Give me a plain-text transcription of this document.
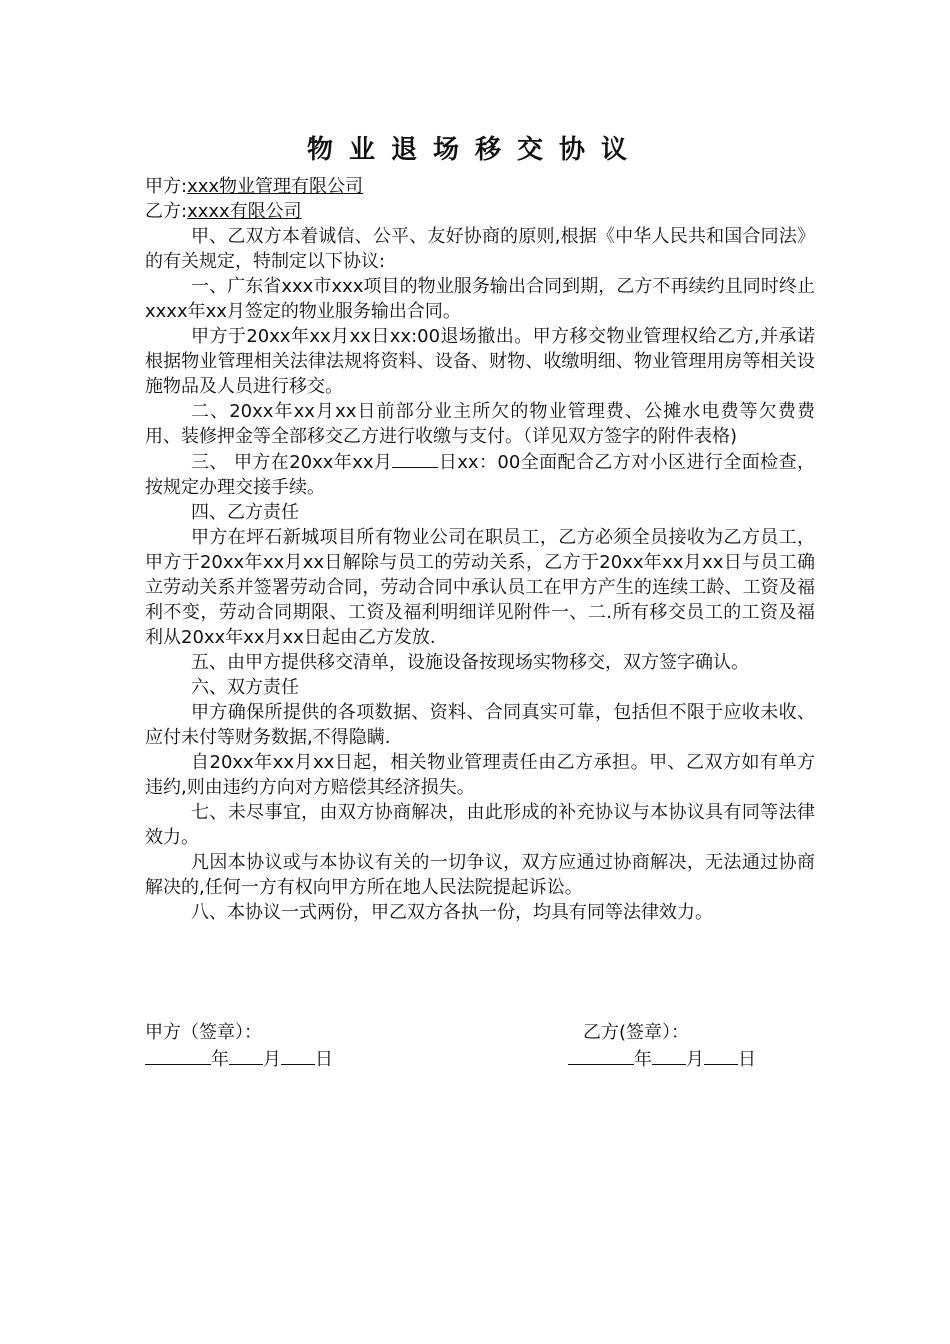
物业退场移交协议
甲方:xxx物业管理有限公司
乙方:xxxx有限公司
甲、乙双方本着诚信、公平、友好协商的原则,根据《中华人民共和国合同法》的有关规定，特制定以下协议:
一、广东省xxx市xxx项目的物业服务输出合同到期，乙方不再续约且同时终止xxxx年xx月签定的物业服务输出合同。
甲方于20xx年xx月xx日xx:00退场撤出。甲方移交物业管理权给乙方,并承诺根据物业管理相关法律法规将资料、设备、财物、收缴明细、物业管理用房等相关设施物品及人员进行移交。
二、20xx年xx月xx日前部分业主所欠的物业管理费、公摊水电费等欠费费用、装修押金等全部移交乙方进行收缴与支付。（详见双方签字的附件表格)
三、 甲方在20xx年xx月	日xx：00全面配合乙方对小区进行全面检查，按规定办理交接手续。
四、乙方责任
甲方在坪石新城项目所有物业公司在职员工，乙方必须全员接收为乙方员工，甲方于20xx年xx月xx日解除与员工的劳动关系，乙方于20xx年xx月xx日与员工确立劳动关系并签署劳动合同，劳动合同中承认员工在甲方产生的连续工龄、工资及福利不变，劳动合同期限、工资及福利明细详见附件一、二.所有移交员工的工资及福利从20xx年xx月xx日起由乙方发放.
五、由甲方提供移交清单，设施设备按现场实物移交，双方签字确认。
六、双方责任
甲方确保所提供的各项数据、资料、合同真实可靠，包括但不限于应收未收、应付未付等财务数据,不得隐瞒.
自20xx年xx月xx日起，相关物业管理责任由乙方承担。甲、乙双方如有单方违约,则由违约方向对方赔偿其经济损失。
七、未尽事宜，由双方协商解决，由此形成的补充协议与本协议具有同等法律效力。
凡因本协议或与本协议有关的一切争议，双方应通过协商解决，无法通过协商解决的,任何一方有权向甲方所在地人民法院提起诉讼。
八、本协议一式两份，甲乙双方各执一份，均具有同等法律效力。
甲方（签章）：	乙方(签章）：
年 月 日	年 月 日
